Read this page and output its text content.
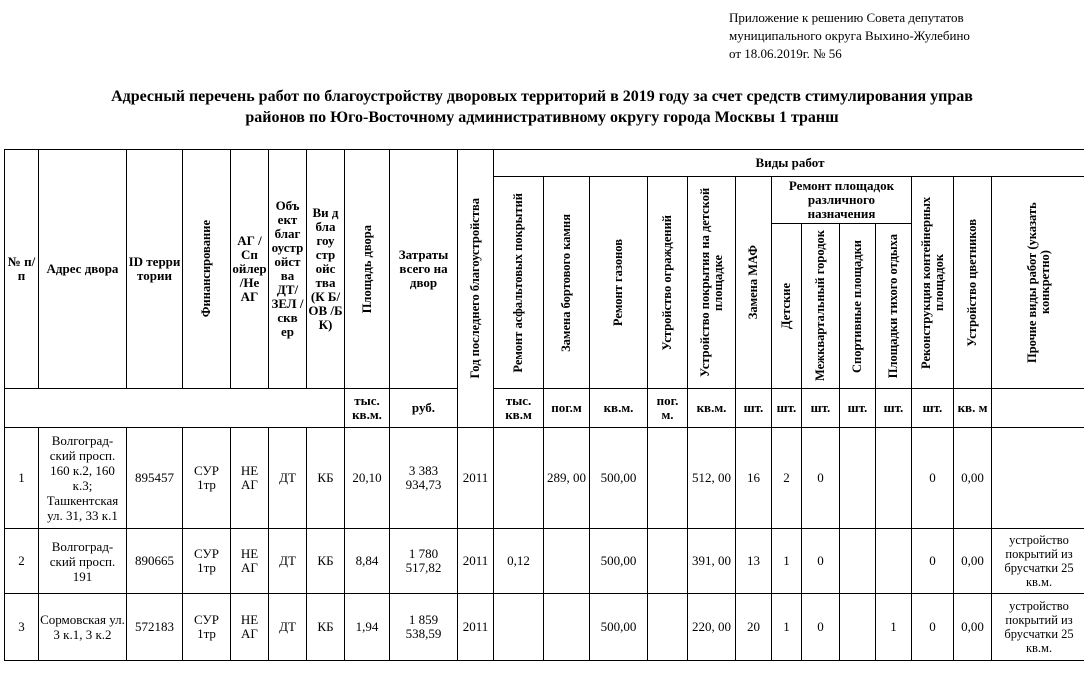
Приложение к решению Совета депутатов
муниципального округа Выхино-Жулебино
от 18.06.2019г. № 56
Адресный перечень работ по благоустройству дворовых территорий в 2019 году за счет средств стимулирования управ
районов по Юго-Восточному административному округу города Москвы 1 транш
№ п/п	Адрес двора	ID терри тории	Финансирование	АГ /Сп ойлер /Не АГ	Объ ект благ оустр ойст ва ДТ/ ЗЕЛ /скв ер	Ви д бла гоу стр ойс тва (К Б/ ОВ /Б К)	Площадь двора	Затраты всего на двор	Год последнего благоустройства	Виды работ												

										Ремонт асфальтовых покрытий	Замена бортового камня	Ремонт газонов	Устройство ограждений	Устройство покрытия на детской площадке	Замена МАФ	Ремонт площадок различного назначения				Реконструкция контейнерных площадок	Устройство цветников	Прочие виды работ (указать конкретно)

																Детские	Межквартальный городок	Спортивные площадки	Площадки тихого отдыха			

							тыс. кв.м.	руб.		тыс. кв.м	пог.м	кв.м.	пог. м.	кв.м.	шт.	шт.	шт.	шт.	шт.	шт.	кв. м	
1	Волгоград-ский просп. 160 к.2, 160 к.3; Ташкентская ул. 31, 33 к.1	895457	СУР 1тр	НЕ АГ	ДТ	КБ	20,10	3 383 934,73	2011		289, 00	500,00		512, 00	16	2	0			0	0,00	
2	Волгоград-ский просп. 191	890665	СУР 1тр	НЕ АГ	ДТ	КБ	8,84	1 780 517,82	2011	0,12		500,00		391, 00	13	1	0			0	0,00	устройство покрытий из брусчатки 25 кв.м.
3	Сормовская ул. 3 к.1, 3 к.2	572183	СУР 1тр	НЕ АГ	ДТ	КБ	1,94	1 859 538,59	2011			500,00		220, 00	20	1	0		1	0	0,00	устройство покрытий из брусчатки 25 кв.м.
